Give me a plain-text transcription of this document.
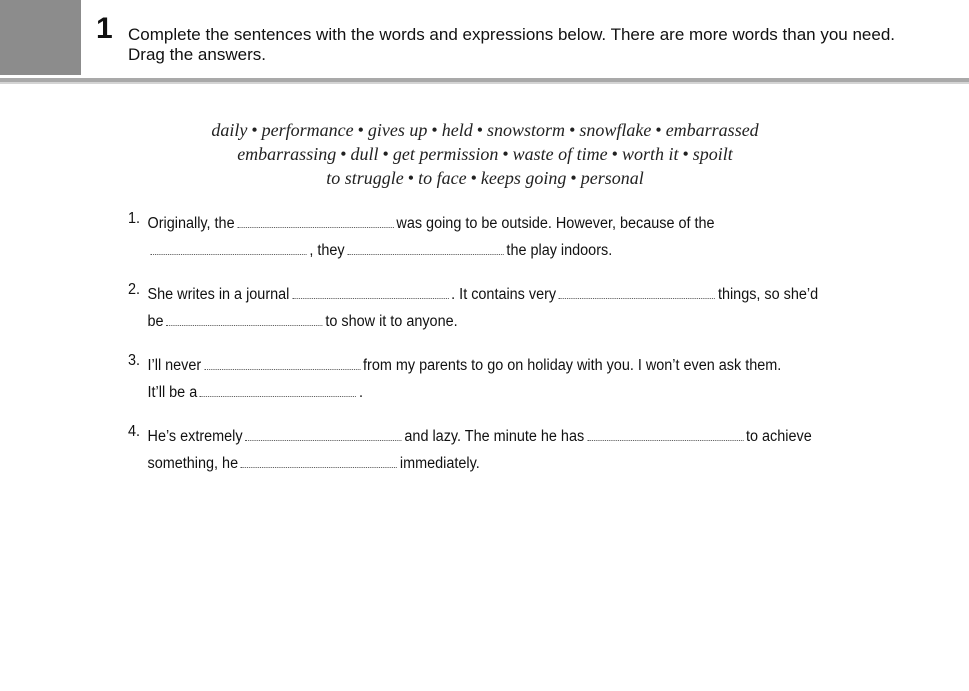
1 Complete the sentences with the words and expressions below. There are more words than you need. Drag the answers.
daily • performance • gives up • held • snowstorm • snowflake • embarrassed
embarrassing • dull • get permission • waste of time • worth it • spoilt
to struggle • to face • keeps going • personal
1. Originally, the	was going to be outside. However, because of the
, they	the play indoors.
2. She writes in a journal	. It contains very	things, so she’d
be	to show it to anyone.
3. I’ll never	from my parents to go on holiday with you. I won’t even ask them.
It’ll be a	.
4. He’s extremely	and lazy. The minute he has	to achieve
something, he	immediately.
